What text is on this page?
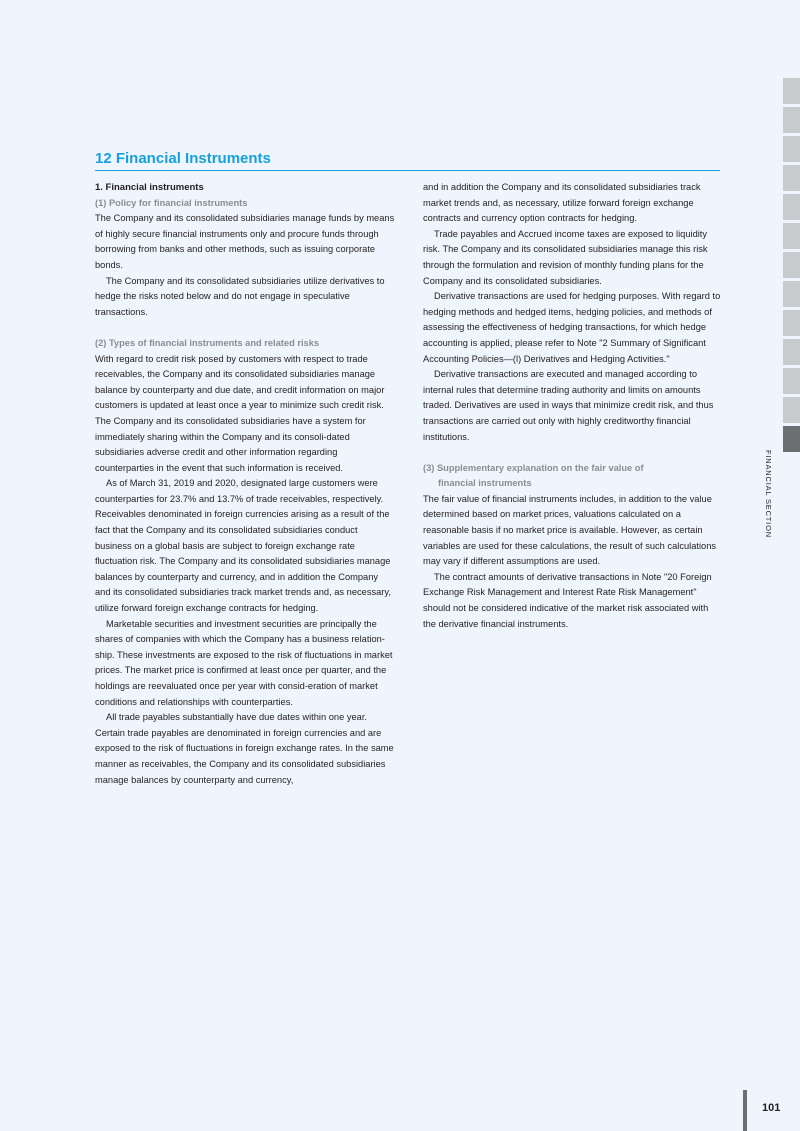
12 Financial Instruments
1. Financial instruments
(1) Policy for financial instruments

The Company and its consolidated subsidiaries manage funds by means of highly secure financial instruments only and procure funds through borrowing from banks and other methods, such as issuing corporate bonds.

The Company and its consolidated subsidiaries utilize derivatives to hedge the risks noted below and do not engage in speculative transactions.

(2) Types of financial instruments and related risks

With regard to credit risk posed by customers with respect to trade receivables, the Company and its consolidated subsidiaries manage balance by counterparty and due date, and credit information on major customers is updated at least once a year to minimize such credit risk. The Company and its consolidated subsidiaries have a system for immediately sharing within the Company and its consoli-dated subsidiaries adverse credit and other information regarding counterparties in the event that such information is received.

As of March 31, 2019 and 2020, designated large customers were counterparties for 23.7% and 13.7% of trade receivables, respectively. Receivables denominated in foreign currencies arising as a result of the fact that the Company and its consolidated subsidiaries conduct business on a global basis are subject to foreign exchange rate fluctuation risk. The Company and its consolidated subsidiaries manage balances by counterparty and currency, and in addition the Company and its consolidated subsidiaries track market trends and, as necessary, utilize forward foreign exchange contracts for hedging.

Marketable securities and investment securities are principally the shares of companies with which the Company has a business relation-ship. These investments are exposed to the risk of fluctuations in market prices. The market price is confirmed at least once per quarter, and the holdings are reevaluated once per year with consid-eration of market conditions and relationships with counterparties.

All trade payables substantially have due dates within one year. Certain trade payables are denominated in foreign currencies and are exposed to the risk of fluctuations in foreign exchange rates. In the same manner as receivables, the Company and its consolidated subsidiaries manage balances by counterparty and currency,

and in addition the Company and its consolidated subsidiaries track market trends and, as necessary, utilize forward foreign exchange contracts and currency option contracts for hedging.

Trade payables and Accrued income taxes are exposed to liquidity risk. The Company and its consolidated subsidiaries manage this risk through the formulation and revision of monthly funding plans for the Company and its consolidated subsidiaries.

Derivative transactions are used for hedging purposes. With regard to hedging methods and hedged items, hedging policies, and methods of assessing the effectiveness of hedging transactions, for which hedge accounting is applied, please refer to Note "2 Summary of Significant Accounting Policies—(l) Derivatives and Hedging Activities."

Derivative transactions are executed and managed according to internal rules that determine trading authority and limits on amounts traded. Derivatives are used in ways that minimize credit risk, and thus transactions are carried out only with highly creditworthy financial institutions.

(3) Supplementary explanation on the fair value of
financial instruments

The fair value of financial instruments includes, in addition to the value determined based on market prices, valuations calculated on a reasonable basis if no market price is available. However, as certain variables are used for these calculations, the result of such calculations may vary if different assumptions are used.

The contract amounts of derivative transactions in Note "20 Foreign Exchange Risk Management and Interest Rate Risk Management" should not be considered indicative of the market risk associated with the derivative financial instruments.

FINANCIAL SECTION
101
